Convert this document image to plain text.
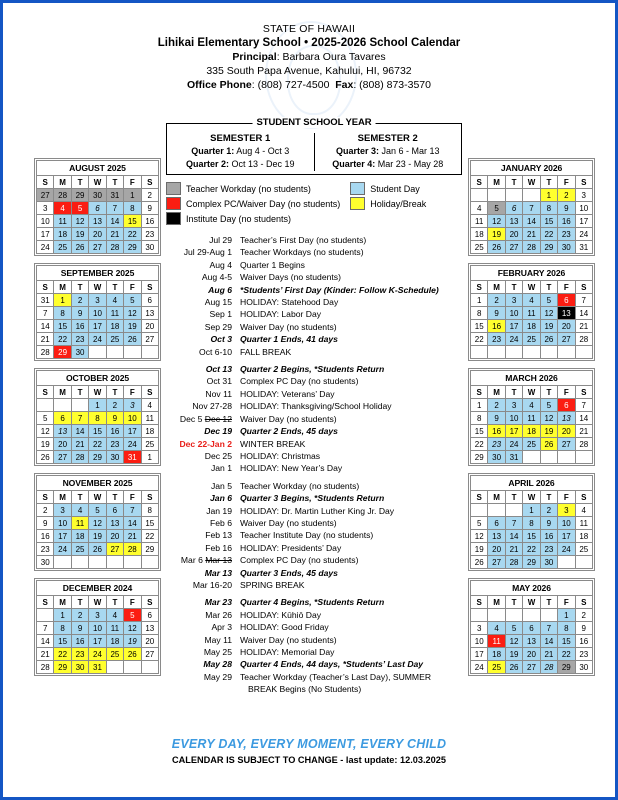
STATE OF HAWAII
Lihikai Elementary School • 2025-2026 School Calendar
Principal: Barbara Oura Tavares
335 South Papa Avenue, Kahului, HI, 96732
Office Phone: (808) 727-4500 Fax: (808) 873-3570
STUDENT SCHOOL YEAR
SEMESTER 1
Quarter 1: Aug 4 - Oct 3
Quarter 2: Oct 13 - Dec 19
SEMESTER 2
Quarter 3: Jan 6 - Mar 13
Quarter 4: Mar 23 - May 28
Teacher Workday (no students)
Complex PC/Waiver Day (no students)
Institute Day (no students)
Student Day
Holiday/Break
Jul 29 Teacher’s First Day (no students)
Jul 29-Aug 1 Teacher Workdays (no students)
Aug 4 Quarter 1 Begins
Aug 4-5 Waiver Days (no students)
Aug 6 *Students’ First Day (Kinder: Follow K-Schedule)
Aug 15 HOLIDAY: Statehood Day
Sep 1 HOLIDAY: Labor Day
Sep 29 Waiver Day (no students)
Oct 3 Quarter 1 Ends, 41 days
Oct 6-10 FALL BREAK
Oct 13 Quarter 2 Begins, *Students Return
Oct 31 Complex PC Day (no students)
Nov 11 HOLIDAY: Veterans’ Day
Nov 27-28 HOLIDAY: Thanksgiving/School Holiday
Dec 5 Dec 12 Waiver Day (no students)
Dec 19 Quarter 2 Ends, 45 days
Dec 22-Jan 2 WINTER BREAK
Dec 25 HOLIDAY: Christmas
Jan 1 HOLIDAY: New Year’s Day
Jan 5 Teacher Workday (no students)
Jan 6 Quarter 3 Begins, *Students Return
Jan 19 HOLIDAY: Dr. Martin Luther King Jr. Day
Feb 6 Waiver Day (no students)
Feb 13 Teacher Institute Day (no students)
Feb 16 HOLIDAY: Presidents’ Day
Mar 6 Mar 13 Complex PC Day (no students)
Mar 13 Quarter 3 Ends, 45 days
Mar 16-20 SPRING BREAK
Mar 23 Quarter 4 Begins, *Students Return
Mar 26 HOLIDAY: Kūhiō Day
Apr 3 HOLIDAY: Good Friday
May 11 Waiver Day (no students)
May 25 HOLIDAY: Memorial Day
May 28 Quarter 4 Ends, 44 days, *Students’ Last Day
May 29 Teacher Workday (Teacher’s Last Day), SUMMER
BREAK Begins (No Students)
AUGUST 2025
S	M	T	W	T	F	S
27	28	29	30	31	1	2
3	4	5	6	7	8	9
10	11	12	13	14	15	16
17	18	19	20	21	22	23
24	25	26	27	28	29	30
SEPTEMBER 2025
S	M	T	W	T	F	S
31	1	2	3	4	5	6
7	8	9	10	11	12	13
14	15	16	17	18	19	20
21	22	23	24	25	26	27
28	29	30				
OCTOBER 2025
S	M	T	W	T	F	S
			1	2	3	4
5	6	7	8	9	10	11
12	13	14	15	16	17	18
19	20	21	22	23	24	25
26	27	28	29	30	31	1
NOVEMBER 2025
S	M	T	W	T	F	S
2	3	4	5	6	7	8
9	10	11	12	13	14	15
16	17	18	19	20	21	22
23	24	25	26	27	28	29
30						
DECEMBER 2024
S	M	T	W	T	F	S
	1	2	3	4	5	6
7	8	9	10	11	12	13
14	15	16	17	18	19	20
21	22	23	24	25	26	27
28	29	30	31			
JANUARY 2026
S	M	T	W	T	F	S
				1	2	3
4	5	6	7	8	9	10
11	12	13	14	15	16	17
18	19	20	21	22	23	24
25	26	27	28	29	30	31
FEBRUARY 2026
S	M	T	W	T	F	S
1	2	3	4	5	6	7
8	9	10	11	12	13	14
15	16	17	18	19	20	21
22	23	24	25	26	27	28

MARCH 2026
S	M	T	W	T	F	S
1	2	3	4	5	6	7
8	9	10	11	12	13	14
15	16	17	18	19	20	21
22	23	24	25	26	27	28
29	30	31				
APRIL 2026
S	M	T	W	T	F	S
			1	2	3	4
5	6	7	8	9	10	11
12	13	14	15	16	17	18
19	20	21	22	23	24	25
26	27	28	29	30		
MAY 2026
S	M	T	W	T	F	S
					1	2
3	4	5	6	7	8	9
10	11	12	13	14	15	16
17	18	19	20	21	22	23
24	25	26	27	28	29	30
EVERY DAY, EVERY MOMENT, EVERY CHILD
CALENDAR IS SUBJECT TO CHANGE - last update: 12.03.2025
